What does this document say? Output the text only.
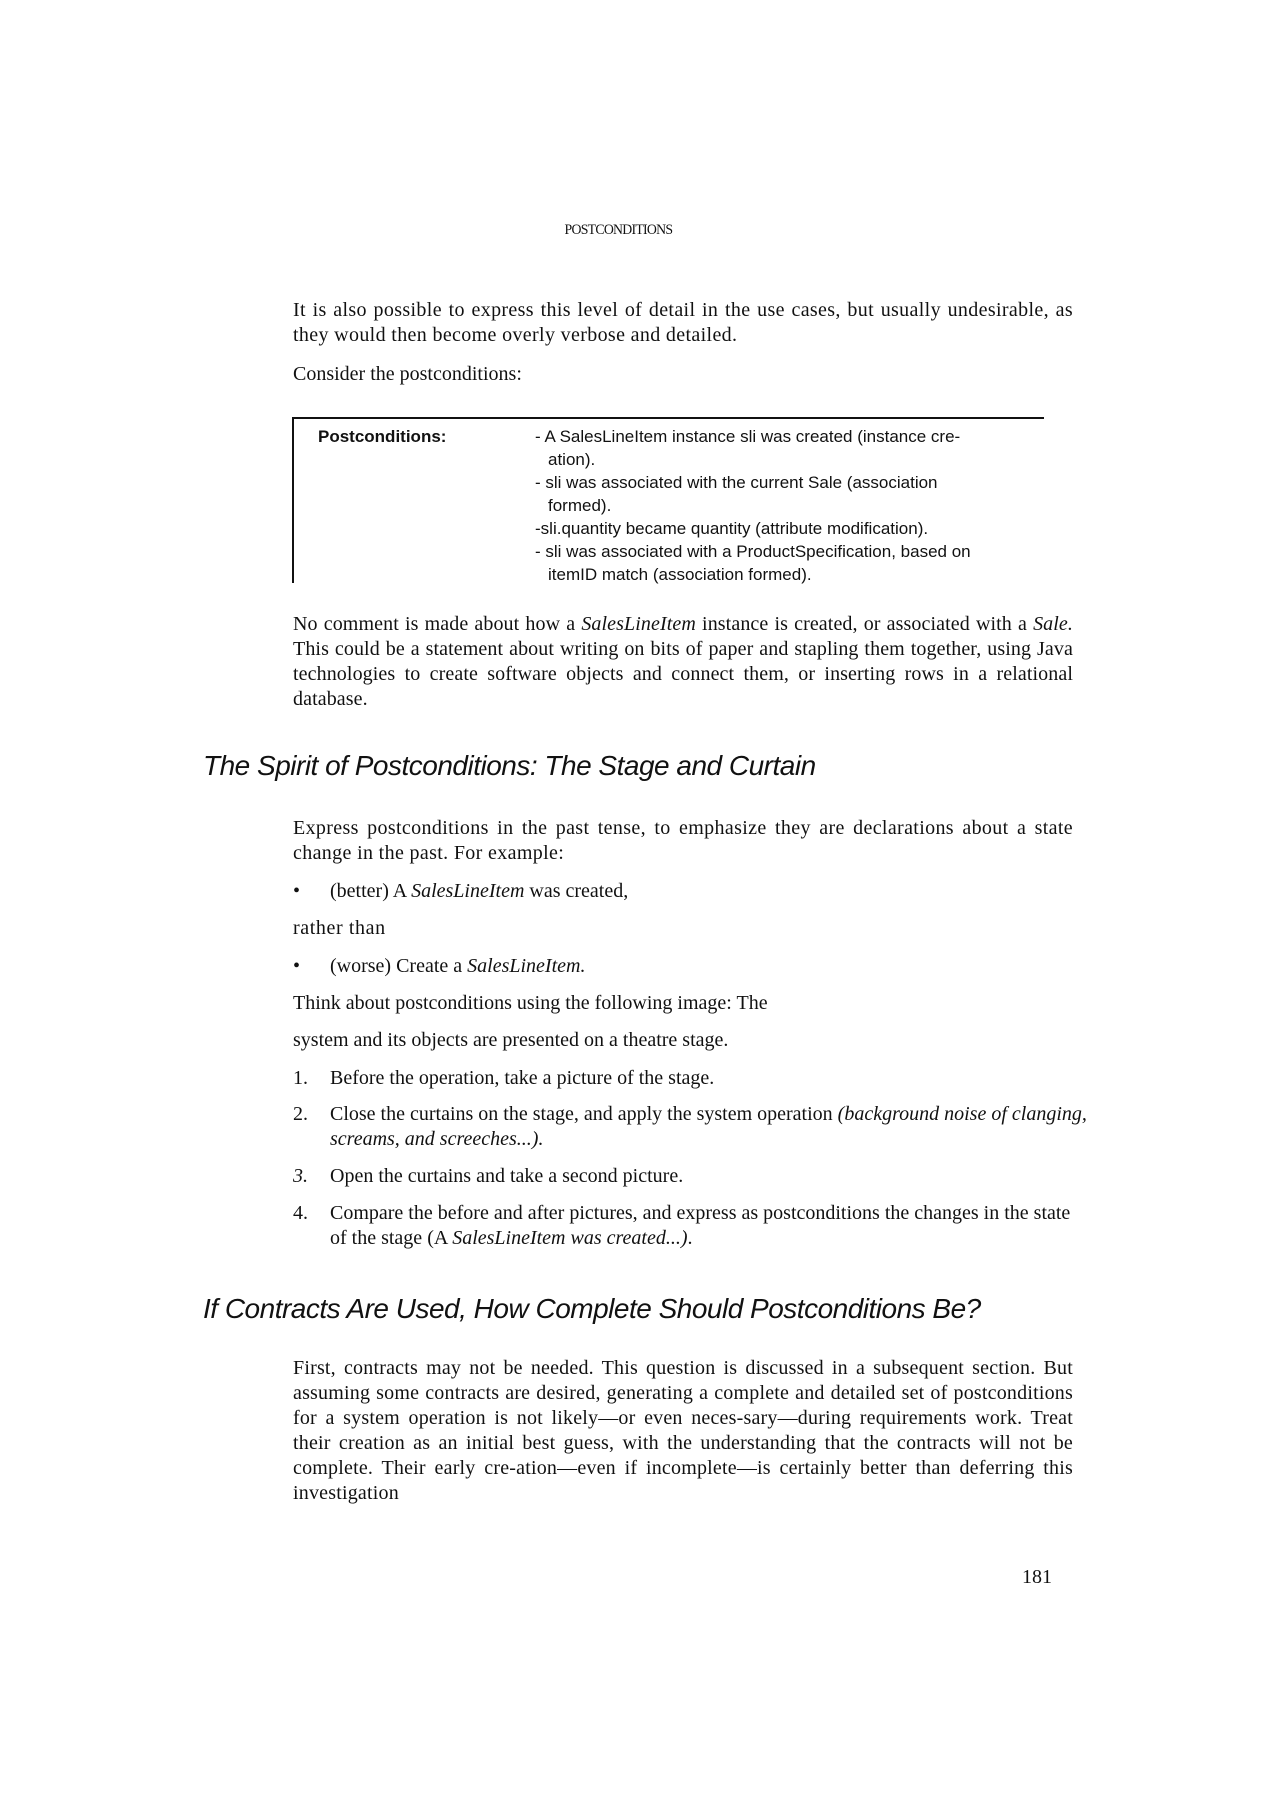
POSTCONDITIONS

It is also possible to express this level of detail in the use cases, but usually undesirable, as they would then become overly verbose and detailed.

Consider the postconditions:

Postconditions:	- A SalesLineItem instance sli was created (instance cre-
ation).
- sli was associated with the current Sale (association
formed).
-sli.quantity became quantity (attribute modification).
- sli was associated with a ProductSpecification, based on
itemID match (association formed).

No comment is made about how a SalesLineItem instance is created, or associated with a Sale. This could be a statement about writing on bits of paper and stapling them together, using Java technologies to create software objects and connect them, or inserting rows in a relational database.

The Spirit of Postconditions: The Stage and Curtain

Express postconditions in the past tense, to emphasize they are declarations about a state change in the past. For example:

• (better) A SalesLineItem was created,
rather than
• (worse) Create a SalesLineItem.
Think about postconditions using the following image: The
system and its objects are presented on a theatre stage.
1. Before the operation, take a picture of the stage.
2. Close the curtains on the stage, and apply the system operation (background noise of clanging, screams, and screeches...).
3. Open the curtains and take a second picture.
4. Compare the before and after pictures, and express as postconditions the changes in the state of the stage (A SalesLineItem was created...).
If Contracts Are Used, How Complete Should Postconditions Be?

First, contracts may not be needed. This question is discussed in a subsequent section. But assuming some contracts are desired, generating a complete and detailed set of postconditions for a system operation is not likely—or even neces-sary—during requirements work. Treat their creation as an initial best guess, with the understanding that the contracts will not be complete. Their early cre-ation—even if incomplete—is certainly better than deferring this investigation

181
